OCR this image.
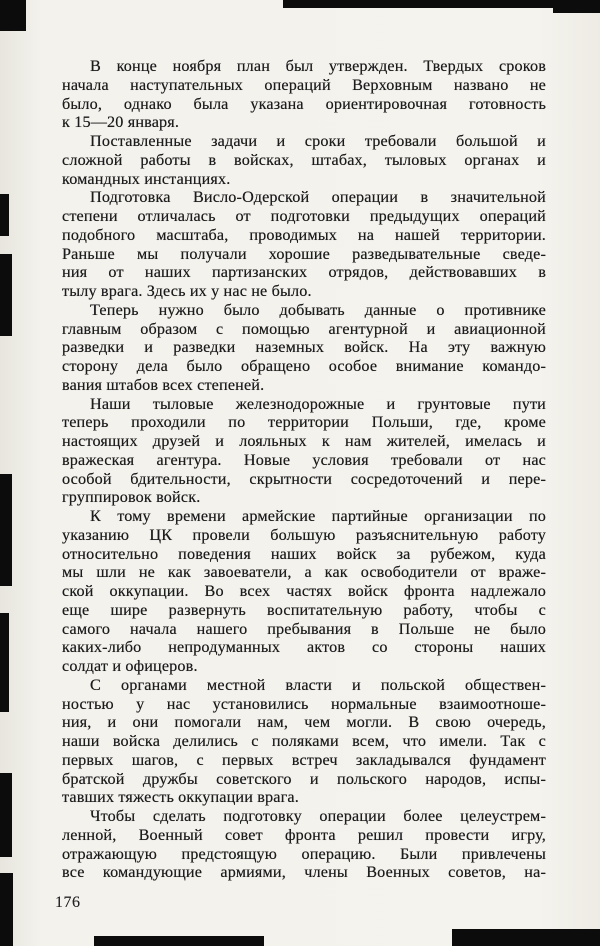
В конце ноября план был утвержден. Твердых сроков
начала наступательных операций Верховным названо не
было, однако была указана ориентировочная готовность
к 15—20 января.
Поставленные задачи и сроки требовали большой и
сложной работы в войсках, штабах, тыловых органах и
командных инстанциях.
Подготовка Висло-Одерской операции в значительной
степени отличалась от подготовки предыдущих операций
подобного масштаба, проводимых на нашей территории.
Раньше мы получали хорошие разведывательные сведе-
ния от наших партизанских отрядов, действовавших в
тылу врага. Здесь их у нас не было.
Теперь нужно было добывать данные о противнике
главным образом с помощью агентурной и авиационной
разведки и разведки наземных войск. На эту важную
сторону дела было обращено особое внимание командо-
вания штабов всех степеней.
Наши тыловые железнодорожные и грунтовые пути
теперь проходили по территории Польши, где, кроме
настоящих друзей и лояльных к нам жителей, имелась и
вражеская агентура. Новые условия требовали от нас
особой бдительности, скрытности сосредоточений и пере-
группировок войск.
К тому времени армейские партийные организации по
указанию ЦК провели большую разъяснительную работу
относительно поведения наших войск за рубежом, куда
мы шли не как завоеватели, а как освободители от враже-
ской оккупации. Во всех частях войск фронта надлежало
еще шире развернуть воспитательную работу, чтобы с
самого начала нашего пребывания в Польше не было
каких-либо непродуманных актов со стороны наших
солдат и офицеров.
С органами местной власти и польской обществен-
ностью у нас установились нормальные взаимоотноше-
ния, и они помогали нам, чем могли. В свою очередь,
наши войска делились с поляками всем, что имели. Так с
первых шагов, с первых встреч закладывался фундамент
братской дружбы советского и польского народов, испы-
тавших тяжесть оккупации врага.
Чтобы сделать подготовку операции более целеустрем-
ленной, Военный совет фронта решил провести игру,
отражающую предстоящую операцию. Были привлечены
все командующие армиями, члены Военных советов, на-
176
